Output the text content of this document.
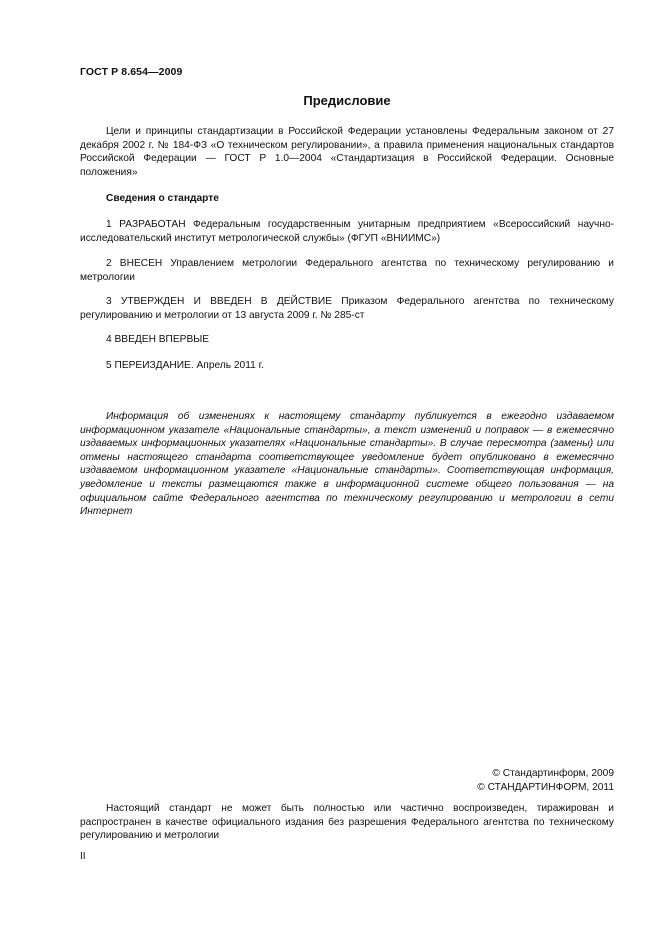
ГОСТ Р 8.654—2009
Предисловие

Цели и принципы стандартизации в Российской Федерации установлены Федеральным законом от 27 декабря 2002 г. № 184-ФЗ «О техническом регулировании», а правила применения национальных стандартов Российской Федерации — ГОСТ Р 1.0—2004 «Стандартизация в Российской Федерации. Основные положения»

Сведения о стандарте

1 РАЗРАБОТАН Федеральным государственным унитарным предприятием «Всероссийский научно-исследовательский институт метрологической службы» (ФГУП «ВНИИМС»)

2 ВНЕСЕН Управлением метрологии Федерального агентства по техническому регулированию и метрологии

3 УТВЕРЖДЕН И ВВЕДЕН В ДЕЙСТВИЕ Приказом Федерального агентства по техническому регулированию и метрологии от 13 августа 2009 г. № 285-ст

4 ВВЕДЕН ВПЕРВЫЕ

5 ПЕРЕИЗДАНИЕ. Апрель 2011 г.

Информация об изменениях к настоящему стандарту публикуется в ежегодно издаваемом информационном указателе «Национальные стандарты», а текст изменений и поправок — в ежемесячно издаваемых информационных указателях «Национальные стандарты». В случае пересмотра (замены) или отмены настоящего стандарта соответствующее уведомление будет опубликовано в ежемесячно издаваемом информационном указателе «Национальные стандарты». Соответствующая информация, уведомление и тексты размещаются также в информационной системе общего пользования — на официальном сайте Федерального агентства по техническому регулированию и метрологии в сети Интернет

© Стандартинформ, 2009
© СТАНДАРТИНФОРМ, 2011

Настоящий стандарт не может быть полностью или частично воспроизведен, тиражирован и распространен в качестве официального издания без разрешения Федерального агентства по техническому регулированию и метрологии

II
